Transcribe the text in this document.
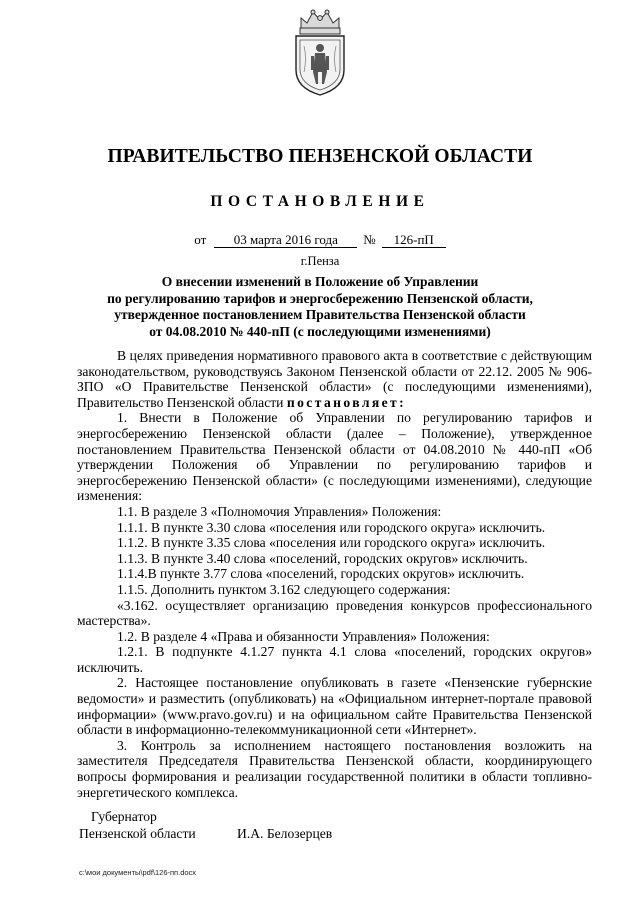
ПРАВИТЕЛЬСТВО ПЕНЗЕНСКОЙ ОБЛАСТИ
ПОСТАНОВЛЕНИЕ
от 03 марта 2016 года № 126-пП
г.Пенза
О внесении изменений в Положение об Управлении
по регулированию тарифов и энергосбережению Пензенской области,
утвержденное постановлением Правительства Пензенской области
от 04.08.2010 № 440-пП (с последующими изменениями)

В целях приведения нормативного правового акта в соответствие с действующим законодательством, руководствуясь Законом Пензенской области от 22.12. 2005 № 906-ЗПО «О Правительстве Пензенской области» (с последующими изменениями), Правительство Пензенской области постановляет:

1. Внести в Положение об Управлении по регулированию тарифов и энергосбережению Пензенской области (далее – Положение), утвержденное постановлением Правительства Пензенской области от 04.08.2010 № 440-пП «Об утверждении Положения об Управлении по регулированию тарифов и энергосбережению Пензенской области» (с последующими изменениями), следующие изменения:

1.1. В разделе 3 «Полномочия Управления» Положения:

1.1.1. В пункте 3.30 слова «поселения или городского округа» исключить.

1.1.2. В пункте 3.35 слова «поселения или городского округа» исключить.

1.1.3. В пункте 3.40 слова «поселений, городских округов» исключить.

1.1.4.В пункте 3.77 слова «поселений, городских округов» исключить.

1.1.5. Дополнить пунктом 3.162 следующего содержания:

«3.162. осуществляет организацию проведения конкурсов профессионального мастерства».

1.2. В разделе 4 «Права и обязанности Управления» Положения:

1.2.1. В подпункте 4.1.27 пункта 4.1 слова «поселений, городских округов» исключить.

2. Настоящее постановление опубликовать в газете «Пензенские губернские ведомости» и разместить (опубликовать) на «Официальном интернет-портале правовой информации» (www.pravo.gov.ru) и на официальном сайте Правительства Пензенской области в информационно-телекоммуникационной сети «Интернет».

3. Контроль за исполнением настоящего постановления возложить на заместителя Председателя Правительства Пензенской области, координирующего вопросы формирования и реализации государственной политики в области топливно-энергетического комплекса.

Губернатор
Пензенской области	И.А. Белозерцев
с:\мои документы\pdf\126-пп.docx
